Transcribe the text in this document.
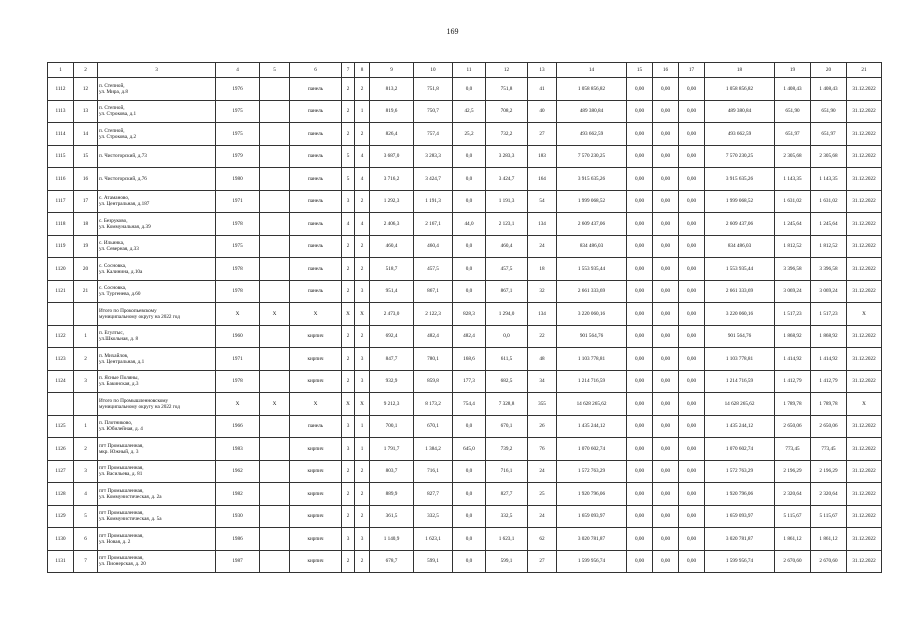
169
1	2	3	4	5	6	7	8	9	10	11	12	13	14	15	16	17	18	19	20	21
1112	12	п. Степной,
ул. Мира, д.8	1976		панель	2	2	813,2	751,8	0,0	751,8	41	1 058 856,82	0,00	0,00	0,00	1 058 856,82	1 408,43	1 408,43	31.12.2022
1113	13	п. Степной,
ул. Строкова, д.1	1975		панель	2	1	819,6	750,7	42,5	708,2	40	489 380,84	0,00	0,00	0,00	489 380,84	651,90	651,90	31.12.2022
1114	14	п. Степной,
ул. Строкова, д.2	1975		панель	2	2	826,4	757,4	25,2	732,2	27	493 662,59	0,00	0,00	0,00	493 662,59	651,97	651,97	31.12.2022
1115	15	п. Чистогорский, д.73	1979		панель	5	4	3 687,0	3 283,3	0,0	3 283,3	183	7 570 230,25	0,00	0,00	0,00	7 570 230,25	2 305,68	2 305,68	31.12.2022
1116	16	п. Чистогорский, д.76	1980		панель	5	4	3 716,2	3 424,7	0,0	3 424,7	164	3 915 635,26	0,00	0,00	0,00	3 915 635,26	1 143,35	1 143,35	31.12.2022
1117	17	с. Атаманово,
ул. Центральная, д.187	1971		панель	3	2	1 292,3	1 191,3	0,0	1 191,3	54	1 999 068,52	0,00	0,00	0,00	1 999 068,52	1 631,02	1 631,02	31.12.2022
1118	18	с. Безруково,
ул. Коммунальная, д.39	1978		панель	4	4	2 406,3	2 167,1	44,0	2 123,1	134	2 609 437,06	0,00	0,00	0,00	2 609 437,06	1 245,64	1 245,64	31.12.2022
1119	19	с. Ильинка,
ул. Северная, д.33	1975		панель	2	2	460,4	460,4	0,0	460,4	24	834 486,03	0,00	0,00	0,00	834 486,03	1 812,52	1 812,52	31.12.2022
1120	20	с. Сосновка,
ул. Калинина, д.10а	1978		панель	2	2	518,7	457,5	0,0	457,5	18	1 553 935,44	0,00	0,00	0,00	1 553 935,44	3 396,58	3 396,58	31.12.2022
1121	21	с. Сосновка,
ул. Тургенева, д.60	1978		панель	2	3	951,4	867,1	0,0	867,1	32	2 661 333,69	0,00	0,00	0,00	2 661 333,69	3 069,24	3 069,24	31.12.2022
		Итого по Прокопьевскому
муниципальному округу на 2022 год	X	X	X	X	X	2 473,0	2 122,3	828,3	1 294,0	134	3 220 060,16	0,00	0,00	0,00	3 220 060,16	1 517,23	1 517,23	X
1122	1	п. Егултыс,
ул.Школьная, д. 8	1960		кирпич	2	2	692,4	482,4	482,4	0,0	22	901 564,76	0,00	0,00	0,00	901 564,76	1 868,92	1 868,92	31.12.2022
1123	2	п. Михайлов,
ул. Центральная, д.1	1971		кирпич	2	3	847,7	780,1	168,6	611,5	48	1 103 778,81	0,00	0,00	0,00	1 103 778,81	1 414,92	1 414,92	31.12.2022
1124	3	п. Ясные Поляны,
ул. Бакинская, д.3	1978		кирпич	2	3	932,9	859,8	177,3	682,5	34	1 214 716,59	0,00	0,00	0,00	1 214 716,59	1 412,79	1 412,79	31.12.2022
		Итого по Промышленновскому
муниципальному округу на 2022 год	X	X	X	X	X	9 212,3	8 173,2	754,4	7 328,8	355	14 628 265,62	0,00	0,00	0,00	14 628 265,62	1 789,78	1 789,78	X
1125	1	п. Плотниково,
ул. Юбилейная, д. 4	1966		панель	3	1	700,1	670,1	0,0	670,1	26	1 435 244,12	0,00	0,00	0,00	1 435 244,12	2 650,06	2 650,06	31.12.2022
1126	2	пгт Промышленная,
мкр. Южный, д. 3	1983		кирпич	3	1	1 791,7	1 384,2	645,0	739,2	76	1 070 602,74	0,00	0,00	0,00	1 070 602,74	773,45	773,45	31.12.2022
1127	3	пгт Промышленная,
ул. Васильева, д. 81	1962		кирпич	2	2	803,7	716,1	0,0	716,1	24	1 572 763,29	0,00	0,00	0,00	1 572 763,29	2 196,29	2 196,29	31.12.2022
1128	4	пгт Промышленная,
ул. Коммунистическая, д. 2а	1982		кирпич	2	2	889,9	827,7	0,0	827,7	25	1 920 796,06	0,00	0,00	0,00	1 920 796,06	2 320,64	2 320,64	31.12.2022
1129	5	пгт Промышленная,
ул. Коммунистическая, д. 5а	1930		кирпич	2	2	361,5	332,5	0,0	332,5	24	1 659 093,97	0,00	0,00	0,00	1 659 093,97	5 115,67	5 115,67	31.12.2022
1130	6	пгт Промышленная,
ул. Новая, д. 2	1986		кирпич	3	3	1 140,9	1 623,1	0,0	1 623,1	62	3 020 781,87	0,00	0,00	0,00	3 020 781,87	1 861,12	1 861,12	31.12.2022
1131	7	пгт Промышленная,
ул. Пионерская, д. 20	1987		кирпич	2	2	678,7	599,1	0,0	599,1	27	1 599 956,74	0,00	0,00	0,00	1 599 956,74	2 670,60	2 670,60	31.12.2022
